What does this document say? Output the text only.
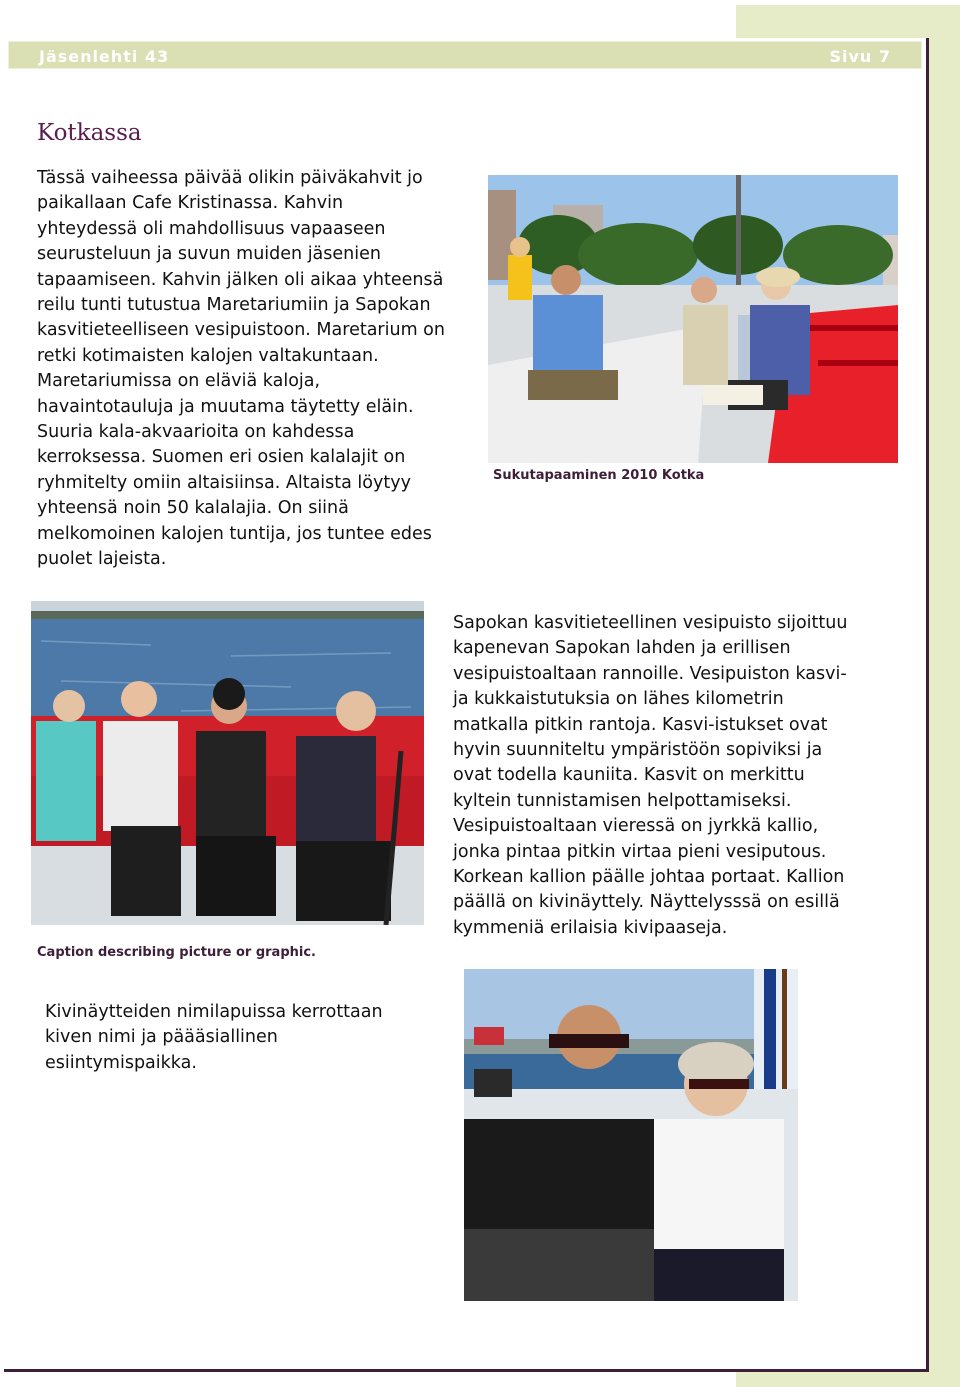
Jäsenlehti 43	Sivu 7
Kotkassa

Tässä vaiheessa päivää olikin päiväkahvit jo paikallaan Cafe Kristinassa. Kahvin yhteydessä oli mahdollisuus vapaaseen seurusteluun ja suvun muiden jäsenien tapaamiseen. Kahvin jälken oli aikaa yhteensä reilu tunti tutustua Maretariumiin ja Sapokan kasvitieteelliseen vesipuistoon. Maretarium on retki kotimaisten kalojen valtakuntaan. Maretariumissa on eläviä kaloja, havaintotauluja ja muutama täytetty eläin. Suuria kala-akvaarioita on kahdessa kerroksessa. Suomen eri osien kalalajit on ryhmitelty omiin altaisiinsa. Altaista löytyy yhteensä noin 50 kalalajia. On siinä melkomoinen kalojen tuntija, jos tuntee edes puolet lajeista.

Sukutapaaminen 2010 Kotka
Caption describing picture or graphic.

Sapokan kasvitieteellinen vesipuisto sijoittuu kapenevan Sapokan lahden ja erillisen vesipuistoaltaan rannoille. Vesipuiston kasvi-ja kukkaistutuksia on lähes kilometrin matkalla pitkin rantoja. Kasvi-istukset ovat hyvin suunniteltu ympäristöön sopiviksi ja ovat todella kauniita. Kasvit on merkittu kyltein tunnistamisen helpottamiseksi. Vesipuistoaltaan vieressä on jyrkkä kallio, jonka pintaa pitkin virtaa pieni vesiputous. Korkean kallion päälle johtaa portaat. Kallion päällä on kivinäyttely. Näyttelysssä on esillä kymmeniä erilaisia kivipaaseja.

Kivinäytteiden nimilapuissa kerrottaan kiven nimi ja päääsiallinen esiintymispaikka.
